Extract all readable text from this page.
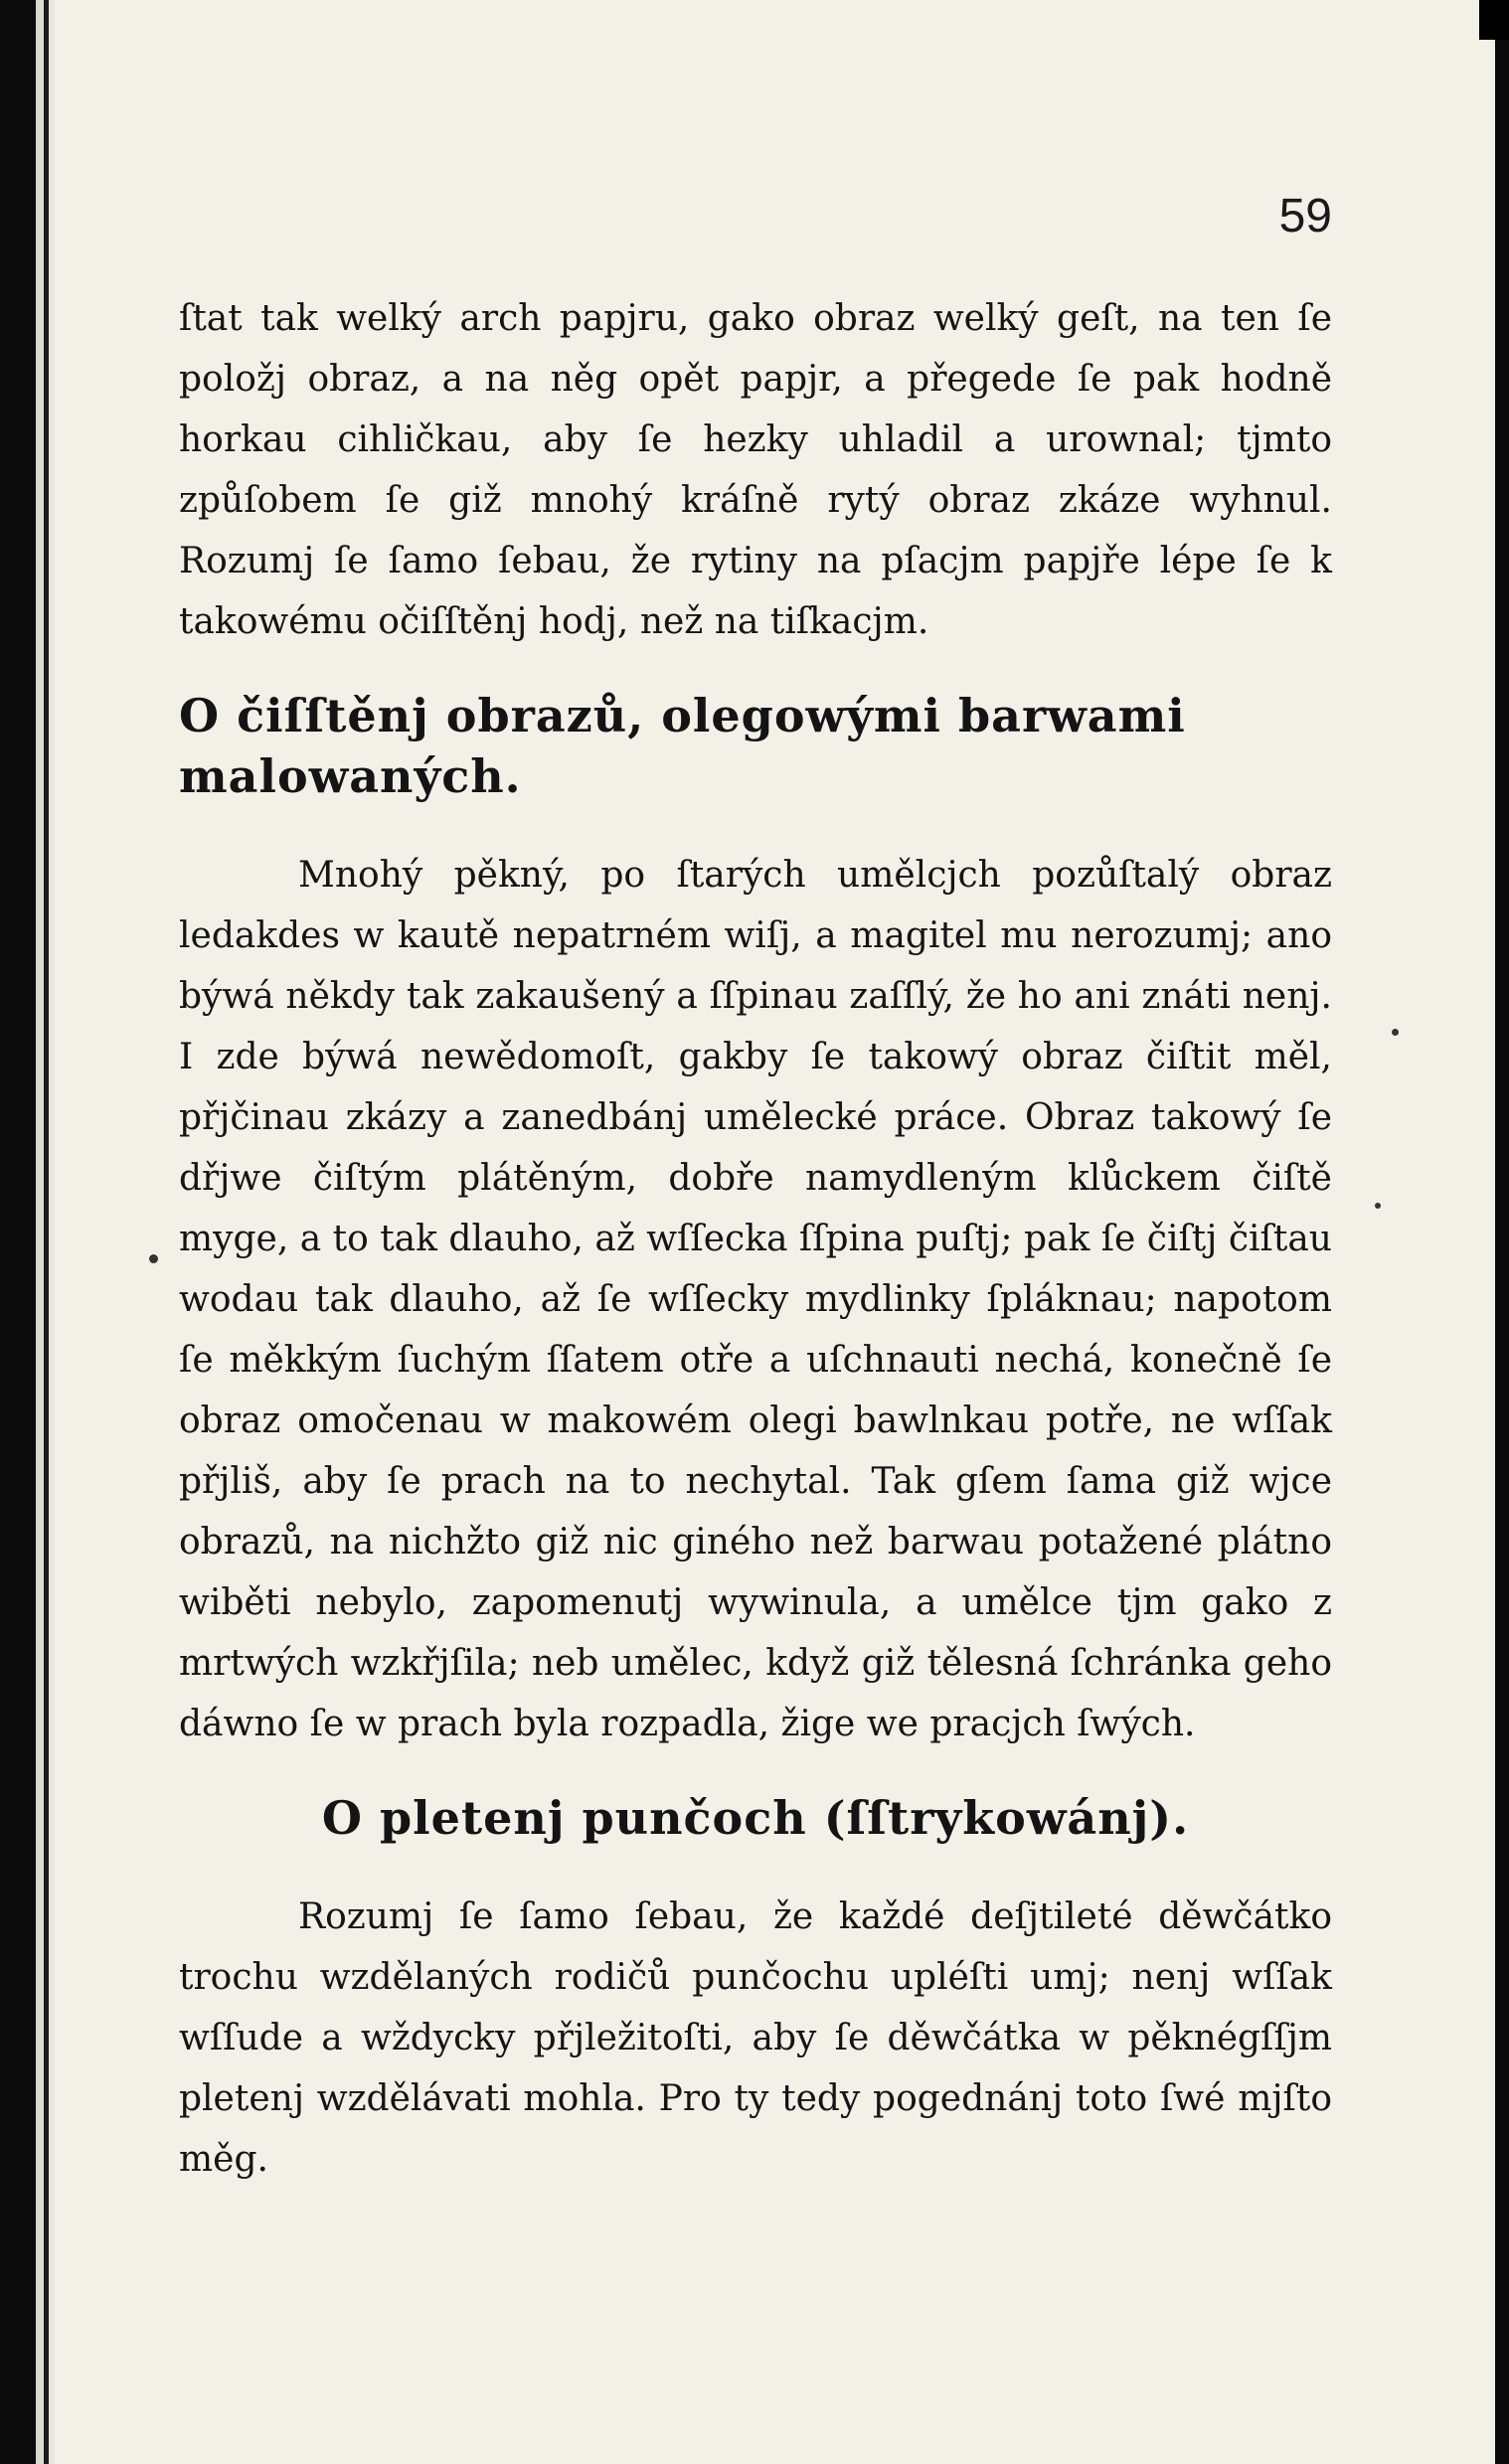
59

ſtat tak welký arch papjru, gako obraz welký geſt, na ten ſe položj obraz, a na něg opět papjr, a přegede ſe pak hodně horkau cihličkau, aby ſe hezky uhladil a urownal; tjmto způſobem ſe giž mnohý kráſně rytý obraz zkáze wyhnul. Rozumj ſe ſamo ſebau, že rytiny na pſacjm papjře lépe ſe k takowému očiſſtěnj hodj, než na tiſkacjm.

O čiſſtěnj obrazů, olegowými barwami malowaných.

Mnohý pěkný, po ſtarých umělcjch pozůſtalý obraz ledakdes w kautě nepatrném wiſj, a magitel mu nerozumj; ano býwá někdy tak zakaušený a ſſpinau zaſſlý, že ho ani znáti nenj. I zde býwá newědomoſt, gakby ſe takowý obraz čiſtit měl, přjčinau zkázy a zanedbánj umělecké práce. Obraz takowý ſe dřjwe čiſtým plátěným, dobře namydleným klůckem čiſtě myge, a to tak dlauho, až wſſecka ſſpina puſtj; pak ſe čiſtj čiſtau wodau tak dlauho, až ſe wſſecky mydlinky ſpláknau; napotom ſe měkkým ſuchým ſſatem otře a uſchnauti nechá, konečně ſe obraz omočenau w makowém olegi bawlnkau potře, ne wſſak přjliš, aby ſe prach na to nechytal. Tak gſem ſama giž wjce obrazů, na nichžto giž nic giného než barwau potažené plátno wiběti nebylo, zapomenutj wywinula, a umělce tjm gako z mrtwých wzkřjſila; neb umělec, když giž tělesná ſchránka geho dáwno ſe w prach byla rozpadla, žige we pracjch ſwých.

O pletenj punčoch (ſſtrykowánj).

Rozumj ſe ſamo ſebau, že každé deſjtileté děwčátko trochu wzdělaných rodičů punčochu upléſti umj; nenj wſſak wſſude a wždycky přjležitoſti, aby ſe děwčátka w pěknégſſjm pletenj wzdělávati mohla. Pro ty tedy pogednánj toto ſwé mjſto měg.
